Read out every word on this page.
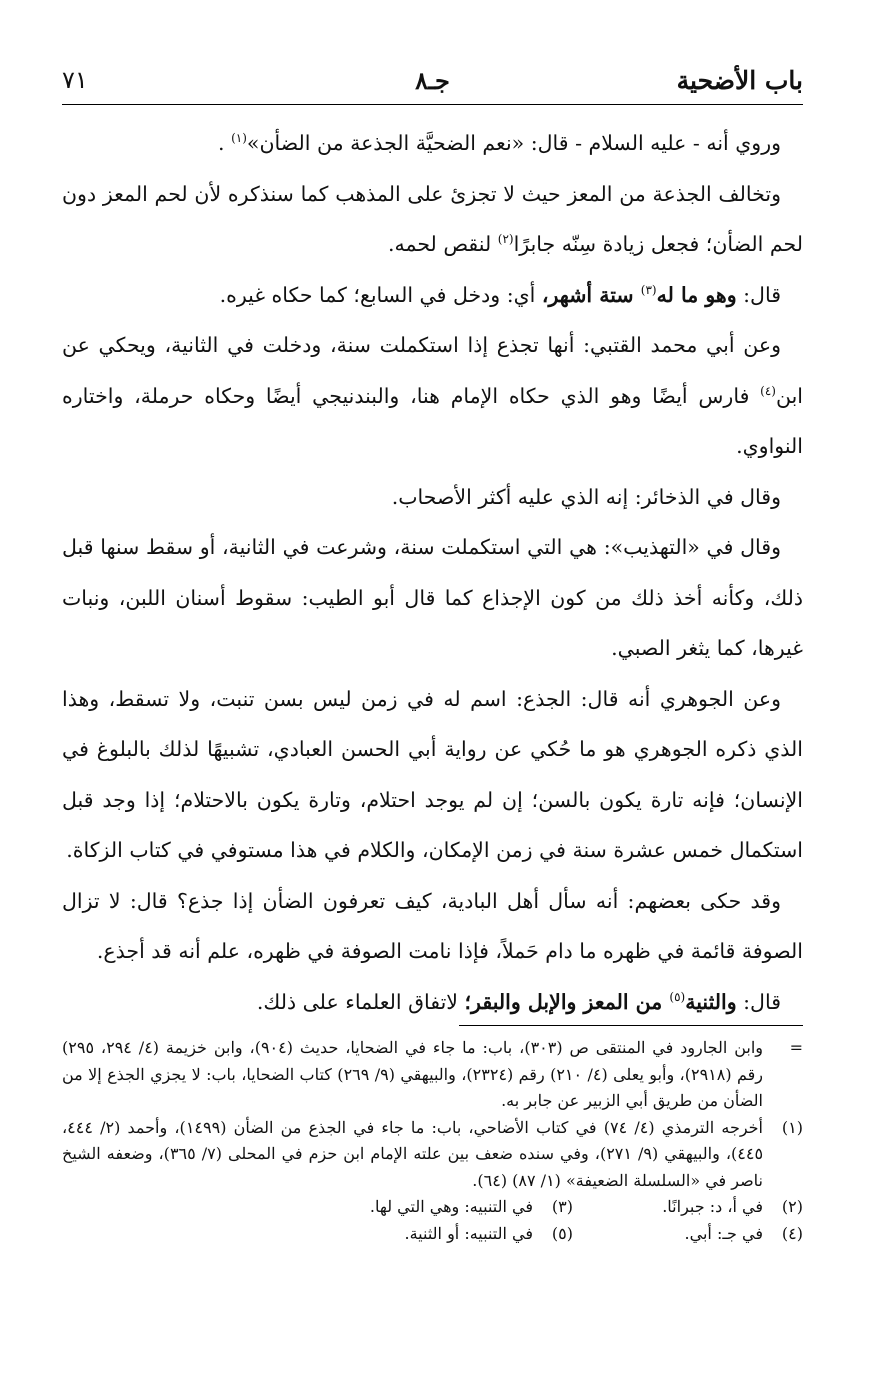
باب الأضحية
جـ٨
٧١

وروي أنه - عليه السلام - قال: «نعم الضحيَّة الجذعة من الضأن»$^{(١)}$ .

وتخالف الجذعة من المعز حيث لا تجزئ على المذهب كما سنذكره لأن لحم المعز دون لحم الضأن؛ فجعل زيادة سِنّه جابرًا$^{(٢)}$ لنقص لحمه.

قال: وهو ما له$^{(٣)}$ ستة أشهر، أي: ودخل في السابع؛ كما حكاه غيره.

وعن أبي محمد القتبي: أنها تجذع إذا استكملت سنة، ودخلت في الثانية، ويحكي عن ابن$^{(٤)}$ فارس أيضًا وهو الذي حكاه الإمام هنا، والبندنيجي أيضًا وحكاه حرملة، واختاره النواوي.

وقال في الذخائر: إنه الذي عليه أكثر الأصحاب.

وقال في «التهذيب»: هي التي استكملت سنة، وشرعت في الثانية، أو سقط سنها قبل ذلك، وكأنه أخذ ذلك من كون الإجذاع كما قال أبو الطيب: سقوط أسنان اللبن، ونبات غيرها، كما يثغر الصبي.

وعن الجوهري أنه قال: الجذع: اسم له في زمن ليس بسن تنبت، ولا تسقط، وهذا الذي ذكره الجوهري هو ما حُكي عن رواية أبي الحسن العبادي، تشبيهًا لذلك بالبلوغ في الإنسان؛ فإنه تارة يكون بالسن؛ إن لم يوجد احتلام، وتارة يكون بالاحتلام؛ إذا وجد قبل استكمال خمس عشرة سنة في زمن الإمكان، والكلام في هذا مستوفي في كتاب الزكاة.

وقد حكى بعضهم: أنه سأل أهل البادية، كيف تعرفون الضأن إذا جذع؟ قال: لا تزال الصوفة قائمة في ظهره ما دام حَملاً، فإذا نامت الصوفة في ظهره، علم أنه قد أجذع.

قال: والثنية$^{(٥)}$ من المعز والإبل والبقر؛ لاتفاق العلماء على ذلك.

=
وابن الجارود في المنتقى ص (٣٠٣)، باب: ما جاء في الضحايا، حديث (٩٠٤)، وابن خزيمة (٤/ ٢٩٤، ٢٩٥) رقم (٢٩١٨)، وأبو يعلى (٤/ ٢١٠) رقم (٢٣٢٤)، والبيهقي (٩/ ٢٦٩) كتاب الضحايا، باب: لا يجزي الجذع إلا من الضأن من طريق أبي الزبير عن جابر به.
(١)
أخرجه الترمذي (٤/ ٧٤) في كتاب الأضاحي، باب: ما جاء في الجذع من الضأن (١٤٩٩)، وأحمد (٢/ ٤٤٤، ٤٤٥)، والبيهقي (٩/ ٢٧١)، وفي سنده ضعف بين علته الإمام ابن حزم في المحلى (٧/ ٣٦٥)، وضعفه الشيخ ناصر في «السلسلة الضعيفة» (١/ ٨٧) (٦٤).
(٢)
في أ، د: جبرانًا.
(٣)
في التنبيه: وهي التي لها.
(٤)
في جـ: أبي.
(٥)
في التنبيه: أو الثنية.
